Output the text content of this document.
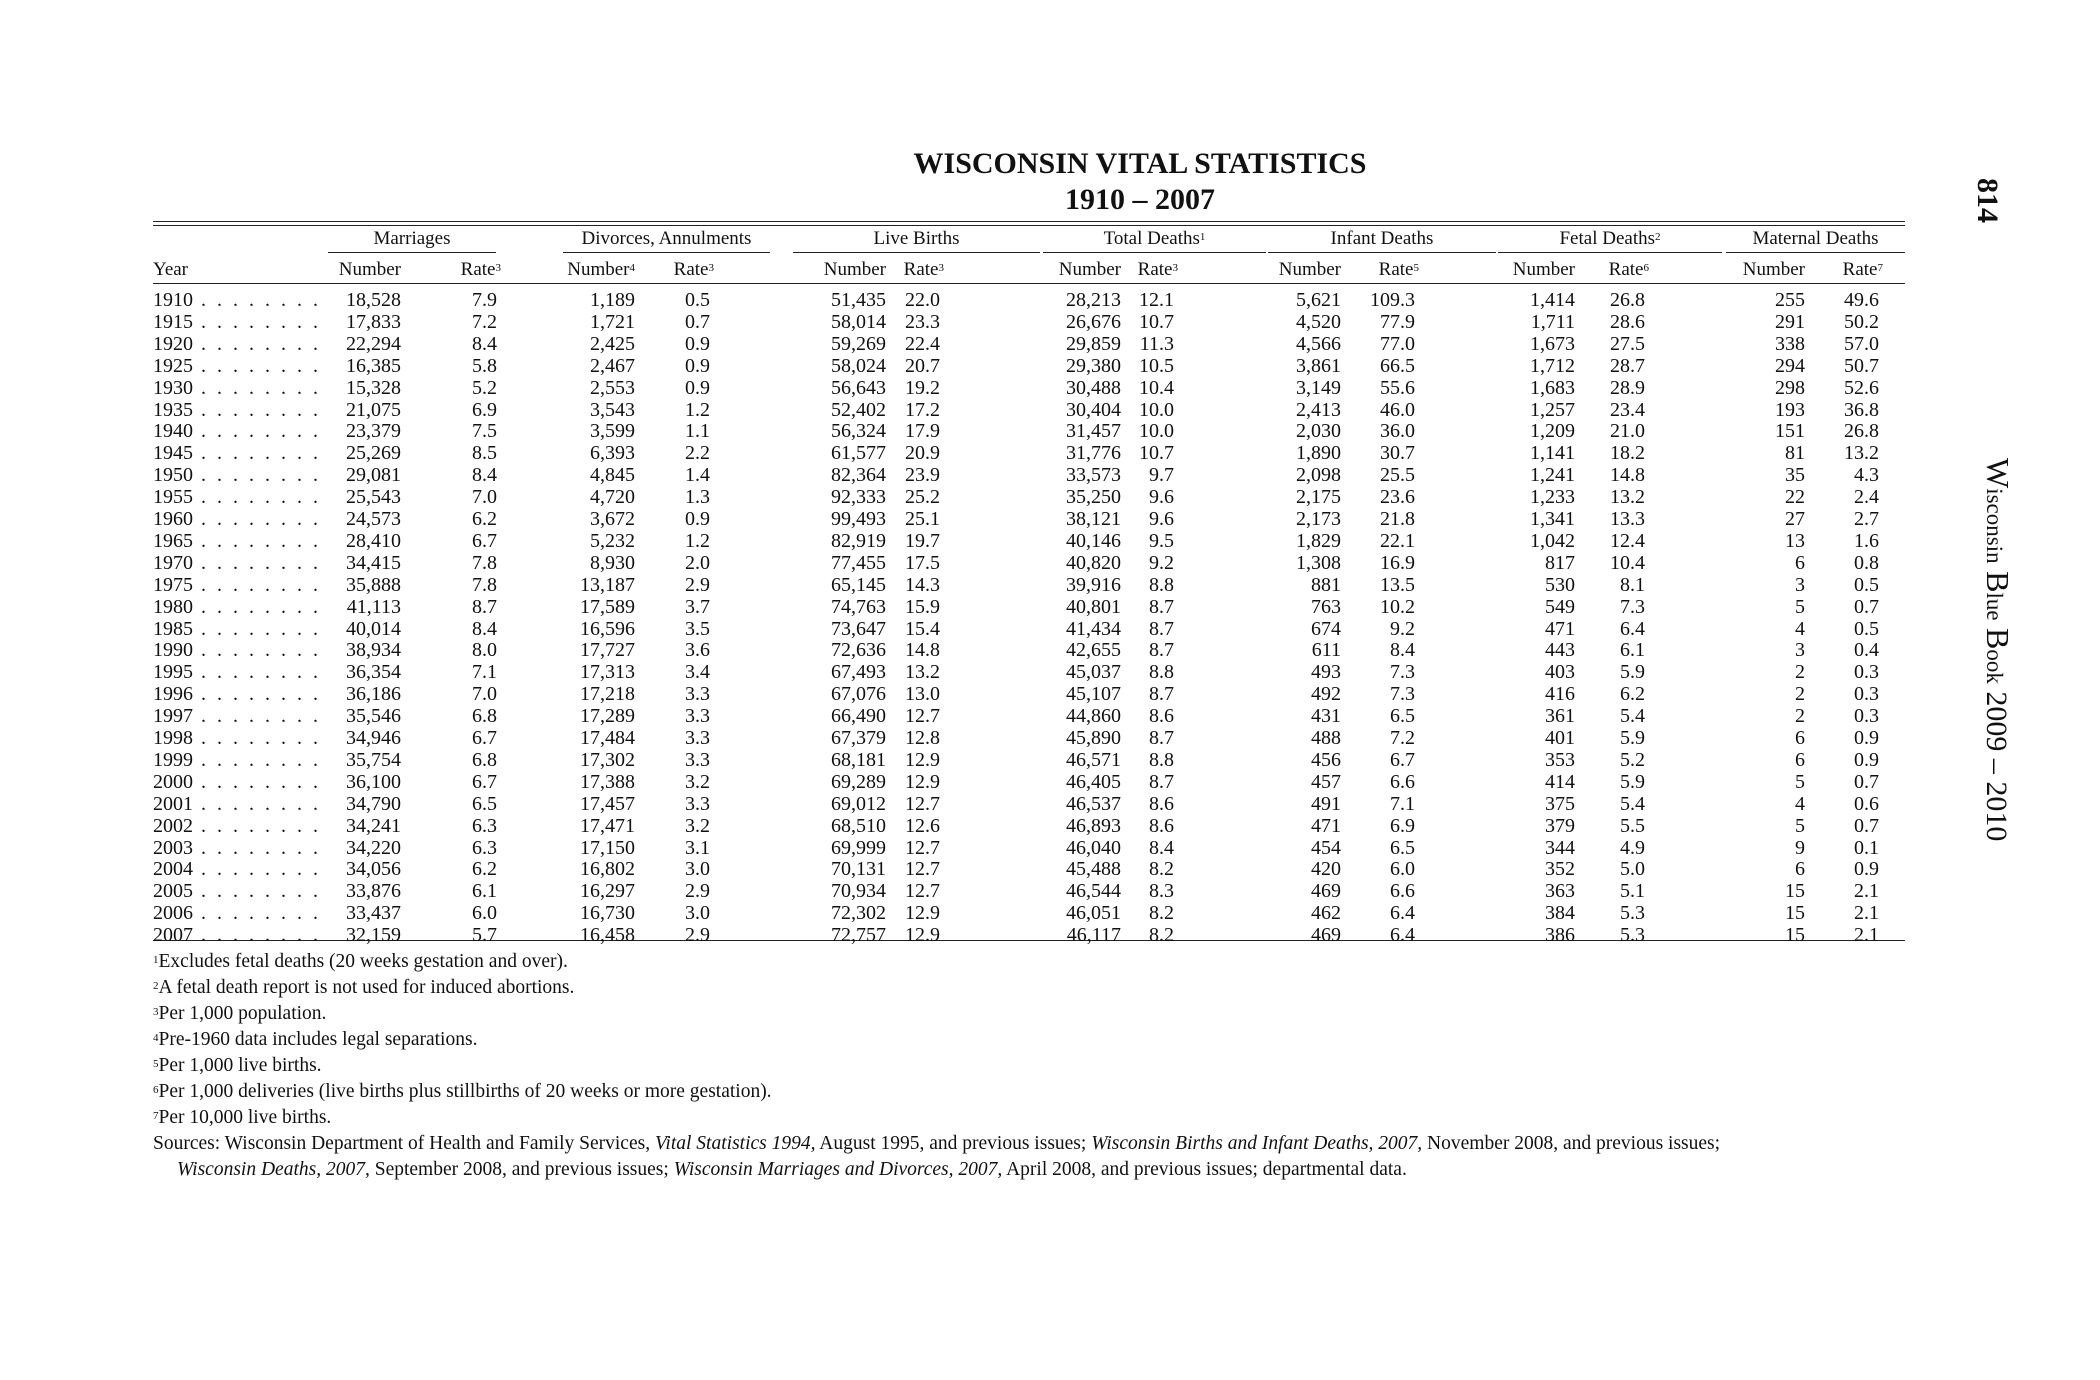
WISCONSIN VITAL STATISTICS
1910 – 2007	814
Wisconsin Blue Book 2009 – 2010
Marriages	Divorces, Annulments	Live Births	Total Deaths$^1$	Infant Deaths	Fetal Deaths$^2$	Maternal Deaths
Year	Number	Rate$^3$	Number$^4$	Rate$^3$	Number Rate$^3$	Number Rate$^3$	Number	Rate$^5$	Number	Rate$^6$	Number	Rate$^7$
1910 . . . . . . . .	18,528	7.9	1,189	0.5	51,435 22.0	28,213 12.1	5,621	109.3	1,414	26.8	255	49.6
1915 . . . . . . . .	17,833	7.2	1,721	0.7	58,014 23.3	26,676 10.7	4,520	77.9	1,711	28.6	291	50.2
1920 . . . . . . . .	22,294	8.4	2,425	0.9	59,269 22.4	29,859 11.3	4,566	77.0	1,673	27.5	338	57.0
1925 . . . . . . . .	16,385	5.8	2,467	0.9	58,024 20.7	29,380 10.5	3,861	66.5	1,712	28.7	294	50.7
1930 . . . . . . . .	15,328	5.2	2,553	0.9	56,643 19.2	30,488 10.4	3,149	55.6	1,683	28.9	298	52.6
1935 . . . . . . . .	21,075	6.9	3,543	1.2	52,402 17.2	30,404 10.0	2,413	46.0	1,257	23.4	193	36.8
1940 . . . . . . . .	23,379	7.5	3,599	1.1	56,324 17.9	31,457 10.0	2,030	36.0	1,209	21.0	151	26.8
1945 . . . . . . . .	25,269	8.5	6,393	2.2	61,577 20.9	31,776 10.7	1,890	30.7	1,141	18.2	81	13.2
1950 . . . . . . . .	29,081	8.4	4,845	1.4	82,364 23.9	33,573	9.7	2,098	25.5	1,241	14.8	35	4.3
1955 . . . . . . . .	25,543	7.0	4,720	1.3	92,333 25.2	35,250	9.6	2,175	23.6	1,233	13.2	22	2.4
1960 . . . . . . . .	24,573	6.2	3,672	0.9	99,493 25.1	38,121	9.6	2,173	21.8	1,341	13.3	27	2.7
1965 . . . . . . . .	28,410	6.7	5,232	1.2	82,919 19.7	40,146	9.5	1,829	22.1	1,042	12.4	13	1.6
1970 . . . . . . . .	34,415	7.8	8,930	2.0	77,455 17.5	40,820	9.2	1,308	16.9	817	10.4	6	0.8
1975 . . . . . . . .	35,888	7.8	13,187	2.9	65,145 14.3	39,916	8.8	881	13.5	530	8.1	3	0.5
1980 . . . . . . . .	41,113	8.7	17,589	3.7	74,763 15.9	40,801	8.7	763	10.2	549	7.3	5	0.7
1985 . . . . . . . .	40,014	8.4	16,596	3.5	73,647 15.4	41,434	8.7	674	9.2	471	6.4	4	0.5
1990 . . . . . . . .	38,934	8.0	17,727	3.6	72,636 14.8	42,655	8.7	611	8.4	443	6.1	3	0.4
1995 . . . . . . . .	36,354	7.1	17,313	3.4	67,493 13.2	45,037	8.8	493	7.3	403	5.9	2	0.3
1996 . . . . . . . .	36,186	7.0	17,218	3.3	67,076 13.0	45,107	8.7	492	7.3	416	6.2	2	0.3
1997 . . . . . . . .	35,546	6.8	17,289	3.3	66,490 12.7	44,860	8.6	431	6.5	361	5.4	2	0.3
1998 . . . . . . . .	34,946	6.7	17,484	3.3	67,379 12.8	45,890	8.7	488	7.2	401	5.9	6	0.9
1999 . . . . . . . .	35,754	6.8	17,302	3.3	68,181 12.9	46,571	8.8	456	6.7	353	5.2	6	0.9
2000 . . . . . . . .	36,100	6.7	17,388	3.2	69,289 12.9	46,405	8.7	457	6.6	414	5.9	5	0.7
2001 . . . . . . . .	34,790	6.5	17,457	3.3	69,012 12.7	46,537	8.6	491	7.1	375	5.4	4	0.6
2002 . . . . . . . .	34,241	6.3	17,471	3.2	68,510 12.6	46,893	8.6	471	6.9	379	5.5	5	0.7
2003 . . . . . . . .	34,220	6.3	17,150	3.1	69,999 12.7	46,040	8.4	454	6.5	344	4.9	9	0.1
2004 . . . . . . . .	34,056	6.2	16,802	3.0	70,131 12.7	45,488	8.2	420	6.0	352	5.0	6	0.9
2005 . . . . . . . .	33,876	6.1	16,297	2.9	70,934 12.7	46,544	8.3	469	6.6	363	5.1	15	2.1
2006 . . . . . . . .	33,437	6.0	16,730	3.0	72,302 12.9	46,051	8.2	462	6.4	384	5.3	15	2.1
2007 . . . . . . . .	32,159	5.7	16,458	2.9	72,757 12.9	46,117	8.2	469	6.4	386	5.3	15	2.1

$^1$Excludes fetal deaths (20 weeks gestation and over).

$^2$A fetal death report is not used for induced abortions.

$^3$Per 1,000 population.

$^4$Pre-1960 data includes legal separations.

$^5$Per 1,000 live births.

$^6$Per 1,000 deliveries (live births plus stillbirths of 20 weeks or more gestation).

$^7$Per 10,000 live births.

Sources: Wisconsin Department of Health and Family Services, Vital Statistics 1994, August 1995, and previous issues; Wisconsin Births and Infant Deaths, 2007, November 2008, and previous issues;

Wisconsin Deaths, 2007, September 2008, and previous issues; Wisconsin Marriages and Divorces, 2007, April 2008, and previous issues; departmental data.
